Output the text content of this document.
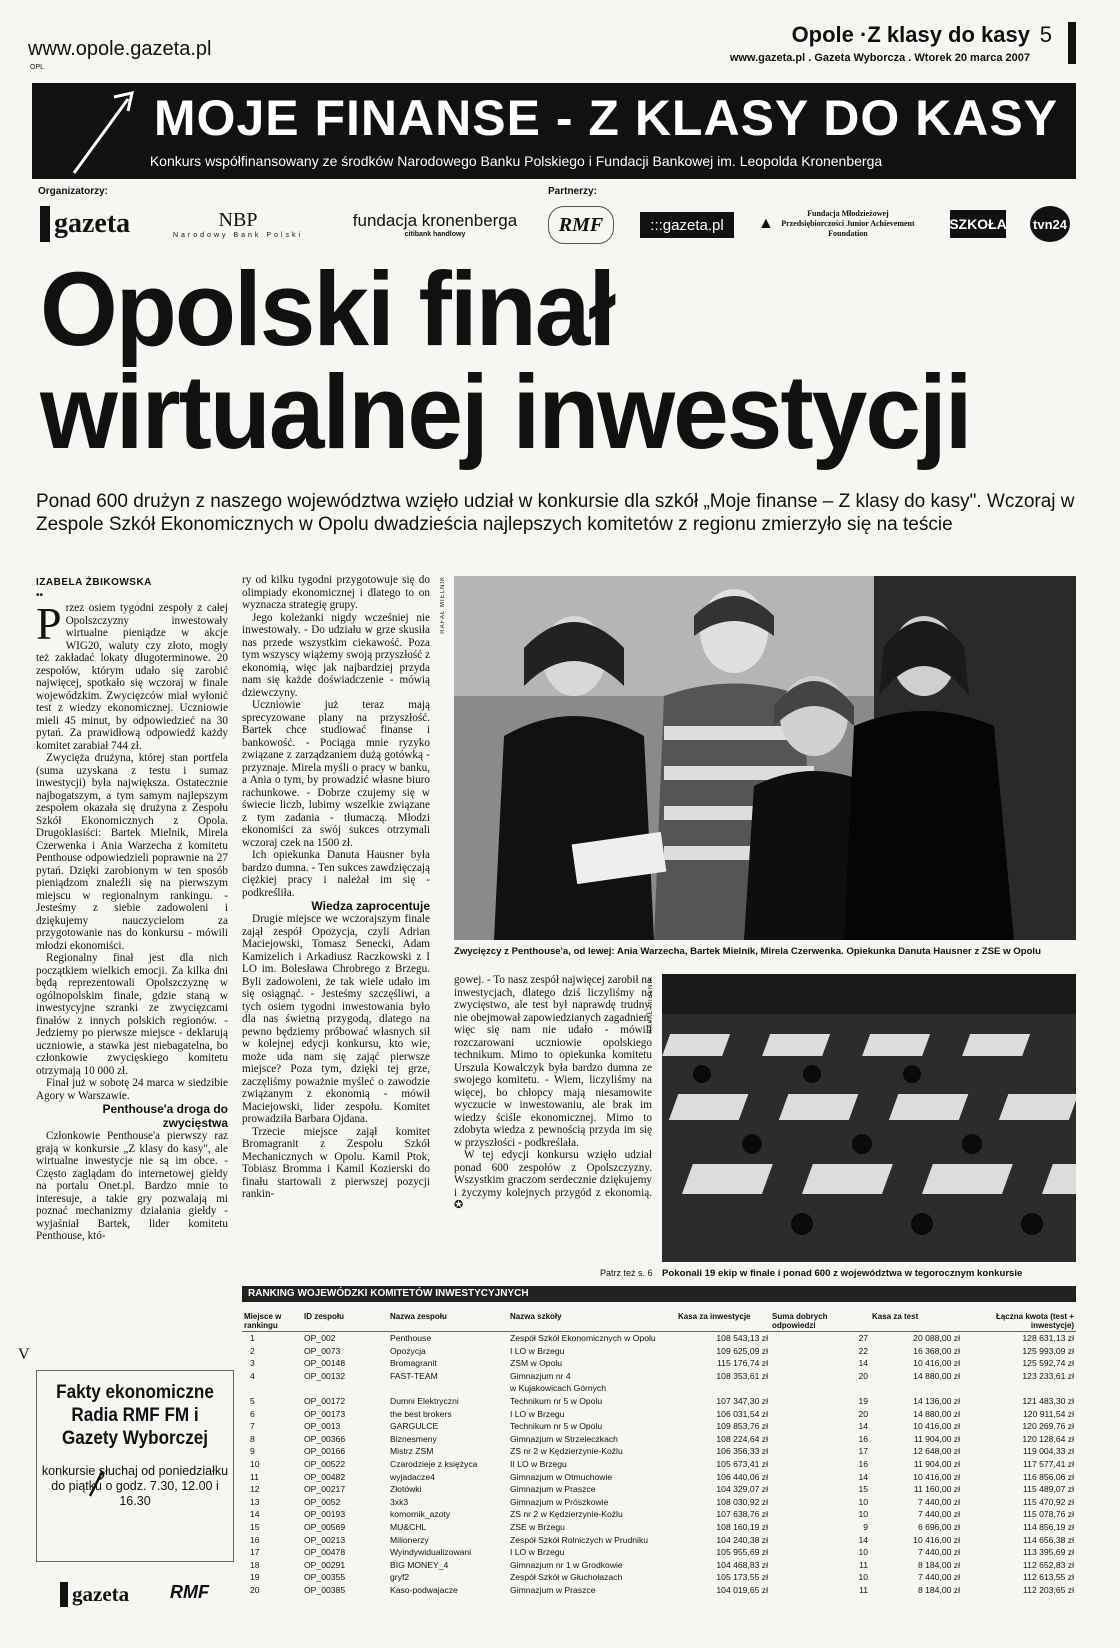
www.opole.gazeta.pl
OPL
Opole ·Z klasy do kasy 5
www.gazeta.pl . Gazeta Wyborcza . Wtorek 20 marca 2007
MOJE FINANSE - Z KLASY DO KASY
Konkurs współfinansowany ze środków Narodowego Banku Polskiego i Fundacji Bankowej im. Leopolda Kronenberga
Organizatorzy:	Partnerzy:
gazeta	NBP
Narodowy Bank Polski
fundacja kronenberga
citibank handlowy	RMF	:::gazeta.pl	▲
Fundacja Młodzieżowej Przedsiębiorczości Junior Achievement Foundation
SZKOŁA tvn24
Opolski finał
wirtualnej inwestycji
Ponad 600 drużyn z naszego województwa wzięło udział w konkursie dla szkół „Moje finanse – Z klasy do kasy". Wczoraj w Zespole Szkół Ekonomicznych w Opolu dwadzieścia najlepszych komitetów z regionu zmierzyło się na teście
IZABELA ŻBIKOWSKA
••
P rzez osiem tygodni zespoły z całej Opolszczyzny inwestowały wirtualne pieniądze w akcje WIG20, waluty czy złoto, mogły też zakładać lokaty długoterminowe. 20 zespołów, którym udało się zarobić najwięcej, spotkało się wczoraj w finale wojewódzkim. Zwycięzców miał wyłonić test z wiedzy ekonomicznej. Uczniowie mieli 45 minut, by odpowiedzieć na 30 pytań. Za prawidłową odpowiedź każdy komitet zarabiał 744 zł.

Zwycięża drużyna, której stan portfela (suma uzyskana z testu i sumaz inwestycji) była największa. Ostatecznie najbogatszym, a tym samym najlepszym zespołem okazała się drużyna z Zespołu Szkół Ekonomicznych z Opola. Drugoklasiści: Bartek Mielnik, Mirela Czerwenka i Ania Warzecha z komitetu Penthouse odpowiedzieli poprawnie na 27 pytań. Dzięki zarobionym w ten sposób pieniądzom znaleźli się na pierwszym miejscu w regionalnym rankingu. - Jesteśmy z siebie zadowoleni i dziękujemy nauczycielom za przygotowanie nas do konkursu - mówili młodzi ekonomiści.

Regionalny finał jest dla nich początkiem wielkich emocji. Za kilka dni będą reprezentowali Opolszczyznę w ogólnopolskim finale, gdzie staną w inwestycyjne szranki ze zwycięzcami finałów z innych polskich regionów. - Jedziemy po pierwsze miejsce - deklarują uczniowie, a stawka jest niebagatelna, bo członkowie zwycięskiego komitetu otrzymają 10 000 zł.

Finał już w sobotę 24 marca w siedzibie Agory w Warszawie.

Penthouse'a droga do zwycięstwa

Członkowie Penthouse'a pierwszy raz grają w konkursie „Z klasy do kasy", ale wirtualne inwestycje nie są im obce. - Często zaglądam do internetowej giełdy na portalu Onet.pl. Bardzo mnie to interesuje, a takie gry pozwalają mi poznać mechanizmy działania giełdy - wyjaśniał Bartek, lider komitetu Penthouse, któ-

ry od kilku tygodni przygotowuje się do olimpiady ekonomicznej i dlatego to on wyznacza strategię grupy.

Jego koleżanki nigdy wcześniej nie inwestowały. - Do udziału w grze skusiła nas przede wszystkim ciekawość. Poza tym wszyscy wiążemy swoją przyszłość z ekonomią, więc jak najbardziej przyda nam się każde doświadczenie - mówią dziewczyny.

Uczniowie już teraz mają sprecyzowane plany na przyszłość. Bartek chce studiować finanse i bankowość. - Pociąga mnie ryzyko związane z zarządzaniem dużą gotówką - przyznaje. Mirela myśli o pracy w banku, a Ania o tym, by prowadzić własne biuro rachunkowe. - Dobrze czujemy się w świecie liczb, lubimy wszelkie związane z tym zadania - tłumaczą. Młodzi ekonomiści za swój sukces otrzymali wczoraj czek na 1500 zł.

Ich opiekunka Danuta Hausner była bardzo dumna. - Ten sukces zawdzięczają ciężkiej pracy i należał im się - podkreśliła.

Wiedza zaprocentuje

Drugie miejsce we wczorajszym finale zajął zespół Opozycja, czyli Adrian Maciejowski, Tomasz Senecki, Adam Kamizelich i Arkadiusz Raczkowski z I LO im. Bolesława Chrobrego z Brzegu. Byli zadowoleni, że tak wiele udało im się osiągnąć. - Jesteśmy szczęśliwi, a tych osiem tygodni inwestowania było dla nas świetną przygodą, dlatego na pewno będziemy próbować własnych sił w kolejnej edycji konkursu, kto wie, może uda nam się zająć pierwsze miejsce? Poza tym, dzięki tej grze, zaczęliśmy poważnie myśleć o zawodzie związanym z ekonomią - mówił Maciejowski, lider zespołu. Komitet prowadziła Barbara Ojdana.

Trzecie miejsce zajął komitet Bromagranit z Zespołu Szkół Mechanicznych w Opolu. Kamil Ptok, Tobiasz Bromma i Kamil Kozierski do finału startowali z pierwszej pozycji rankin-

RAFAŁ MIELNIK
Zwycięzcy z Penthouse'a, od lewej: Ania Warzecha, Bartek Mielnik, Mirela Czerwenka. Opiekunka Danuta Hausner z ZSE w Opolu

gowej. - To nasz zespół najwięcej zarobił na inwestycjach, dlatego dziś liczyliśmy na zwycięstwo, ale test był naprawdę trudny, nie obejmował zapowiedzianych zagadnień, więc się nam nie udało - mówili rozczarowani uczniowie opolskiego technikum. Mimo to opiekunka komitetu Urszula Kowalczyk była bardzo dumna ze swojego komitetu. - Wiem, liczyliśmy na więcej, bo chłopcy mają niesamowite wyczucie w inwestowaniu, ale brak im wiedzy ściśle ekonomicznej. Mimo to zdobyta wiedza z pewnością przyda im się w przyszłości - podkreślała.

W tej edycji konkursu wzięło udział ponad 600 zespołów z Opolszczyzny. Wszystkim graczom serdecznie dziękujemy i życzymy kolejnych przygód z ekonomią. ✪

Patrz też s. 6
RAFAŁ MIELNIK
Pokonali 19 ekip w finale i ponad 600 z województwa w tegorocznym konkursie
RANKING WOJEWÓDZKI KOMITETÓW INWESTYCYJNYCH
Miejsce w rankingu	ID zespołu	Nazwa zespołu	Nazwa szkoły	Kasa za inwestycje	Suma dobrych odpowiedzi	Kasa za test	Łączna kwota (test + inwestycje)
1	OP_002	Penthouse	Zespół Szkół Ekonomicznych w Opolu	108 543,13 zł	27	20 088,00 zł	128 631,13 zł
2	OP_0073	Opozycja	I LO w Brzegu	109 625,09 zł	22	16 368,00 zł	125 993,09 zł
3	OP_00148	Bromagranit	ZSM w Opolu	115 176,74 zł	14	10 416,00 zł	125 592,74 zł
4	OP_00132	FAST-TEAM	Gimnazjum nr 4
w Kujakowicach Górnych	108 353,61 zł	20	14 880,00 zł	123 233,61 zł
5	OP_00172	Dumni Elektryczni	Technikum nr 5 w Opolu	107 347,30 zł	19	14 136,00 zł	121 483,30 zł
6	OP_00173	the best brokers	I LO w Brzegu	106 031,54 zł	20	14 880,00 zł	120 911,54 zł
7	OP_0013	GARGULCE	Technikum nr 5 w Opolu	109 853,76 zł	14	10 416,00 zł	120 269,76 zł
8	OP_00366	Biznesmeny	Gimnazjum w Strzeleczkach	108 224,64 zł	16	11 904,00 zł	120 128,64 zł
9	OP_00166	Mistrz ZSM	ZS nr 2 w Kędzierzynie-Koźlu	106 356,33 zł	17	12 648,00 zł	119 004,33 zł
10	OP_00522	Czarodzieje z księżyca	II LO w Brzegu	105 673,41 zł	16	11 904,00 zł	117 577,41 zł
11	OP_00482	wyjadacze4	Gimnazjum w Otmuchowie	106 440,06 zł	14	10 416,00 zł	116 856,06 zł
12	OP_00217	Złotówki	Gimnazjum w Praszce	104 329,07 zł	15	11 160,00 zł	115 489,07 zł
13	OP_0052	3xk3	Gimnazjum w Prószkowie	108 030,92 zł	10	7 440,00 zł	115 470,92 zł
14	OP_00193	komornik_azoty	ZS nr 2 w Kędzierzynie-Koźlu	107 638,76 zł	10	7 440,00 zł	115 078,76 zł
15	OP_00569	MU&CHL	ZSE w Brzegu	108 160,19 zł	9	6 696,00 zł	114 856,19 zł
16	OP_00213	Milionerzy	Zespół Szkół Rolniczych w Prudniku	104 240,38 zł	14	10 416,00 zł	114 656,38 zł
17	OP_00478	Wyindywidualizowani	I LO w Brzegu	105 955,69 zł	10	7 440,00 zł	113 395,69 zł
18	OP_00291	BIG MONEY_4	Gimnazjum nr 1 w Grodkowie	104 468,83 zł	11	8 184,00 zł	112 652,83 zł
19	OP_00355	gryf2	Zespół Szkół w Głuchołazach	105 173,55 zł	10	7 440,00 zł	112 613,55 zł
20	OP_00385	Kaso-podwajacze	Gimnazjum w Praszce	104 019,65 zł	11	8 184,00 zł	112 203,65 zł
Fakty ekonomiczne Radia RMF FM i Gazety Wyborczej
konkursie słuchaj od poniedziałku do piątku o godz. 7.30, 12.00 i 16.30
gazeta RMF
V
